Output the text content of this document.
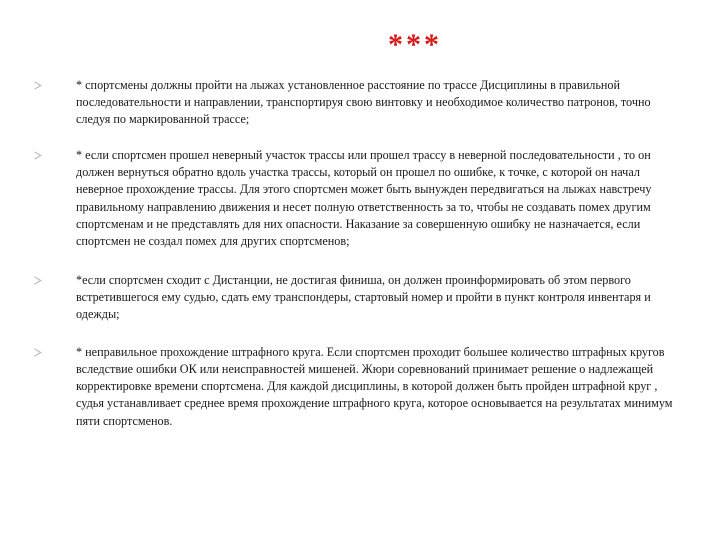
***
* спортсмены должны пройти на лыжах установленное расстояние по трассе Дисциплины в правильной последовательности и направлении, транспортируя свою винтовку и необходимое количество патронов, точно следуя по маркированной трассе;
* если спортсмен прошел неверный участок трассы или прошел трассу в неверной последовательности , то он должен вернуться обратно вдоль участка трассы, который он прошел по ошибке, к точке, с которой он начал неверное прохождение трассы. Для этого спортсмен может быть вынужден передвигаться на лыжах навстречу правильному направлению движения и несет полную ответственность за то, чтобы не создавать помех другим спортсменам и не представлять для них опасности. Наказание за совершенную ошибку не назначается, если спортсмен не создал помех для других спортсменов;
*если спортсмен сходит с Дистанции, не достигая финиша, он должен проинформировать об этом первого встретившегося ему судью, сдать ему транспондеры, стартовый номер и пройти в пункт контроля инвентаря и одежды;
* неправильное прохождение штрафного круга. Если спортсмен проходит большее количество штрафных кругов вследствие ошибки ОК или неисправностей мишеней. Жюри соревнований принимает решение о надлежащей корректировке времени спортсмена. Для каждой дисциплины, в которой должен быть пройден штрафной круг , судья устанавливает среднее время прохождение штрафного круга, которое основывается на результатах минимум пяти спортсменов.
